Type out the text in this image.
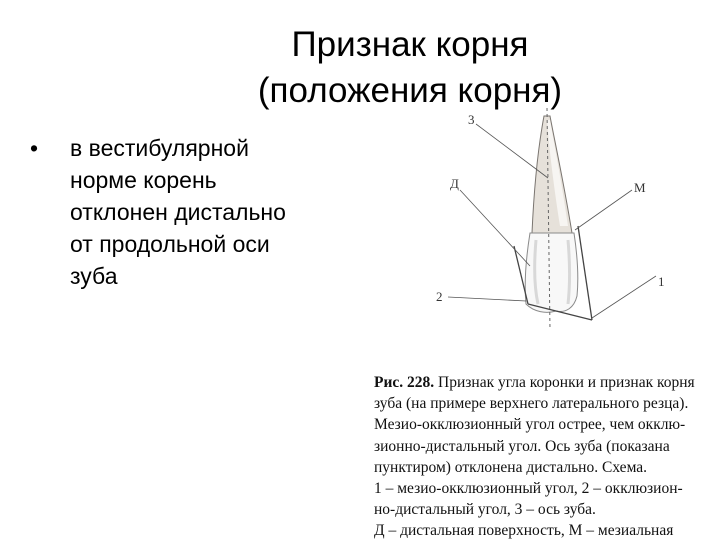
Признак корня
(положения корня)
•	в вестибулярной
норме корень
отклонен дистально
от продольной оси
зуба
3
Д	М
1
2
Рис. 228. Признак угла коронки и признак корня
зуба (на примере верхнего латерального резца).
Мезио-окклюзионный угол острее, чем окклю-
зионно-дистальный угол. Ось зуба (показана
пунктиром) отклонена дистально. Схема.
1 – мезио-окклюзионный угол, 2 – окклюзион-
но-дистальный угол, 3 – ось зуба.
Д – дистальная поверхность, М – мезиальная
